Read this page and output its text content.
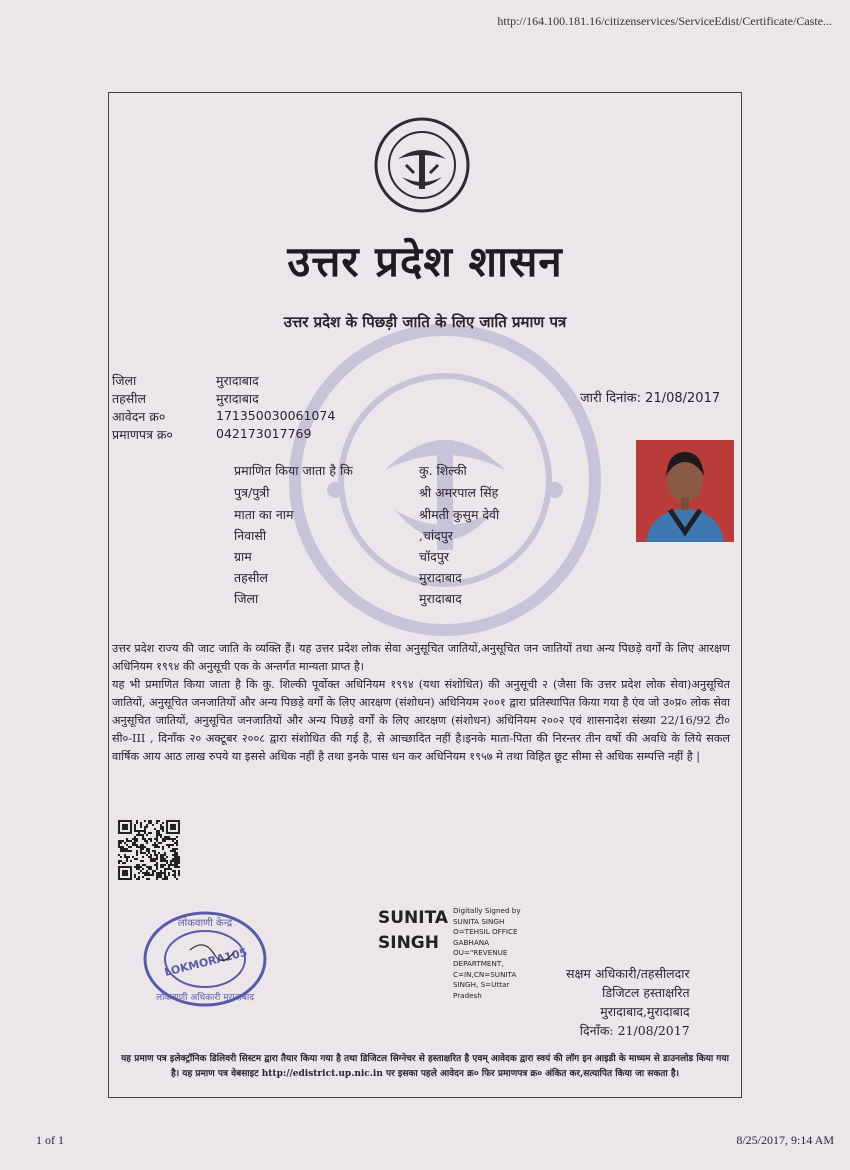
http://164.100.181.16/citizenservices/ServiceEdist/Certificate/Caste...
उत्तर प्रदेश शासन
उत्तर प्रदेश के पिछड़ी जाति के लिए जाति प्रमाण पत्र
जिला	मुरादाबाद
तहसील	मुरादाबाद
आवेदन क्र०	171350030061074
प्रमाणपत्र क्र०	042173017769
जारी दिनांक: 21/08/2017
प्रमाणित किया जाता है कि	कु. शिल्की
पुत्र/पुत्री	श्री अमरपाल सिंह
माता का नाम	श्रीमती कुसुम देवी
निवासी	,चांदपुर
ग्राम	चॉदपुर
तहसील	मुरादाबाद
जिला	मुरादाबाद

उत्तर प्रदेश राज्य की जाट जाति के व्यक्ति हैं। यह उत्तर प्रदेश लोक सेवा अनुसूचित जातियों,अनुसूचित जन जातियों तथा अन्य पिछड़े वर्गों के लिए आरक्षण अधिनियम १९९४ की अनुसूची एक के अन्तर्गत मान्यता प्राप्त है।

यह भी प्रमाणित किया जाता है कि कु. शिल्की पूर्वोक्त अधिनियम १९९४ (यथा संशोधित) की अनुसूची २ (जैसा कि उत्तर प्रदेश लोक सेवा)अनुसूचित जातियों, अनुसूचित जनजातियों और अन्य पिछड़े वर्गों के लिए आरक्षण (संशोधन) अधिनियम २००१ द्वारा प्रतिस्थापित किया गया है एंव जो उ०प्र० लोक सेवा अनुसूचित जातियों, अनुसूचित जनजातियों और अन्य पिछड़े वर्गों के लिए आरक्षण (संशोधन) अधिनियम २००२ एवं शासनादेश संख्या 22/16/92 टी० सी०-III , दिनाँक २० अक्टूबर २००८ द्वारा संशोधित की गई है, से आच्छादित नहीं है।इनके माता-पिता की निरन्तर तीन वर्षो की अवधि के लिये सकल वार्षिक आय आठ लाख रुपये या इससे अधिक नहीं है तथा इनके पास धन कर अधिनियम १९५७ मे तथा विहित छूट सीमा से अधिक सम्पत्ति नहीं है |

LOKMORA105
लोकवाणी केन्द्र
लोकवाणी अधिकारी मुरादाबाद
SUNITA
SINGH
Digitally Signed by
SUNITA SINGH
O=TEHSIL OFFICE
GABHANA
OU="REVENUE
DEPARTMENT,
C=IN,CN=SUNITA
SINGH, S=Uttar
Pradesh
सक्षम अधिकारी/तहसीलदार
डिजिटल हस्ताक्षरित
मुरादाबाद,मुरादाबाद
दिनाँक: 21/08/2017
यह प्रमाण पत्र इलेक्ट्रॉनिक डिलिवरी सिस्टम द्वारा तैयार किया गया है तथा डिजिटल सिग्नेचर से हस्ताक्षरित है एवम् आवेदक द्वारा स्वयं की लॉग इन आइडी के माध्यम से डाउनलोड किया गया है। यह प्रमाण पत्र वेबसाइट http://edistrict.up.nic.in पर इसका पहले आवेदन क्र० फिर प्रमाणपत्र क्र० अंकित कर,सत्यापित किया जा सकता है।
1 of 1	8/25/2017, 9:14 AM
